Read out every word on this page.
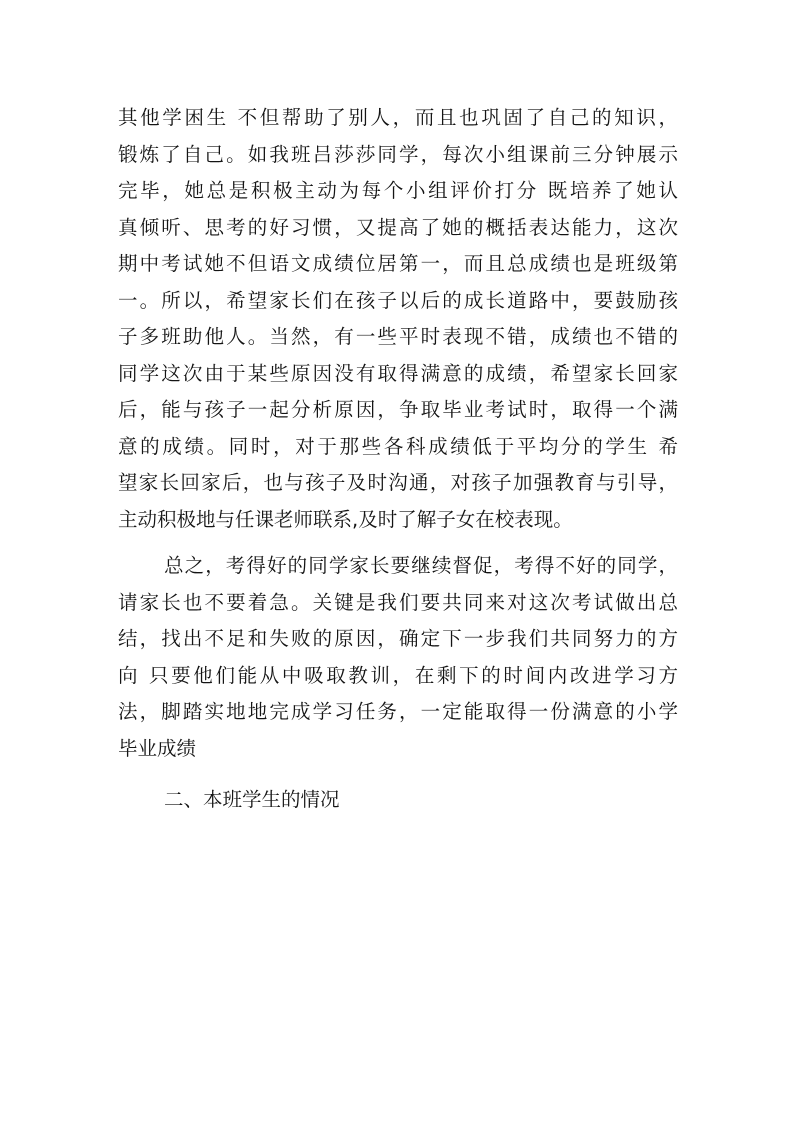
其他学困生 不但帮助了别人，而且也巩固了自己的知识，
锻炼了自己。如我班吕莎莎同学，每次小组课前三分钟展示
完毕，她总是积极主动为每个小组评价打分 既培养了她认
真倾听、思考的好习惯，又提高了她的概括表达能力，这次
期中考试她不但语文成绩位居第一，而且总成绩也是班级第
一。所以，希望家长们在孩子以后的成长道路中，要鼓励孩
子多班助他人。当然，有一些平时表现不错，成绩也不错的
同学这次由于某些原因没有取得满意的成绩，希望家长回家
后，能与孩子一起分析原因，争取毕业考试时，取得一个满
意的成绩。同时，对于那些各科成绩低于平均分的学生 希
望家长回家后，也与孩子及时沟通，对孩子加强教育与引导，
主动积极地与任课老师联系,及时了解子女在校表现。
总之，考得好的同学家长要继续督促，考得不好的同学，
请家长也不要着急。关键是我们要共同来对这次考试做出总
结，找出不足和失败的原因，确定下一步我们共同努力的方
向 只要他们能从中吸取教训，在剩下的时间内改进学习方
法，脚踏实地地完成学习任务，一定能取得一份满意的小学
毕业成绩
二、本班学生的情况
